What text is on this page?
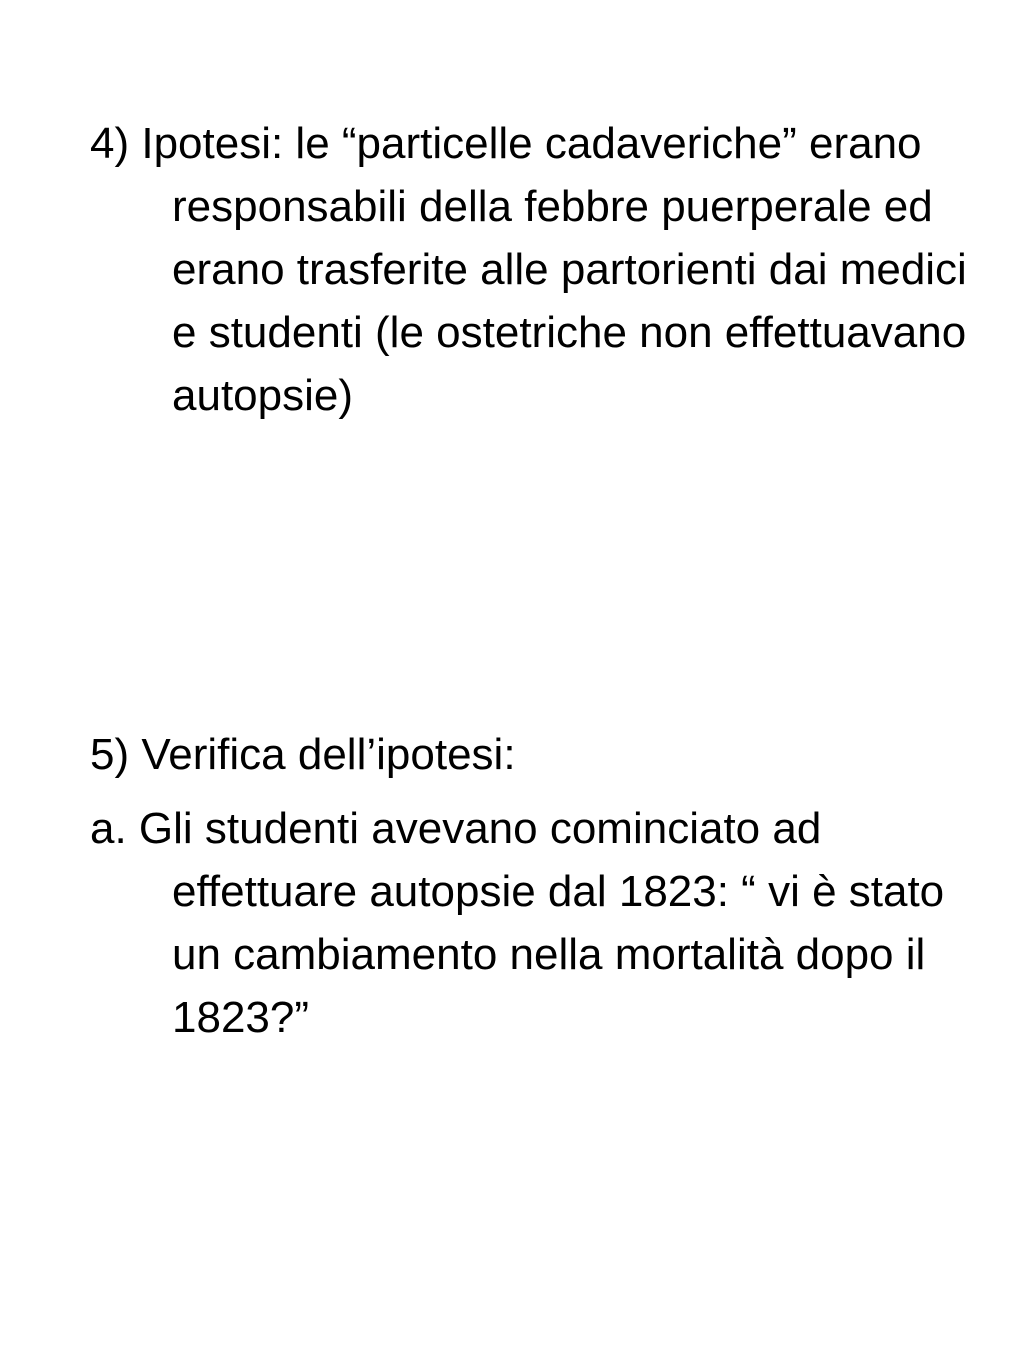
4) Ipotesi: le “particelle cadaveriche” erano responsabili della febbre puerperale ed erano trasferite alle partorienti dai medici e studenti (le ostetriche non effettuavano autopsie)

5) Verifica dell’ipotesi:

a. Gli studenti avevano cominciato ad effettuare autopsie dal 1823: “ vi è stato un cambiamento nella mortalità dopo il 1823?”
